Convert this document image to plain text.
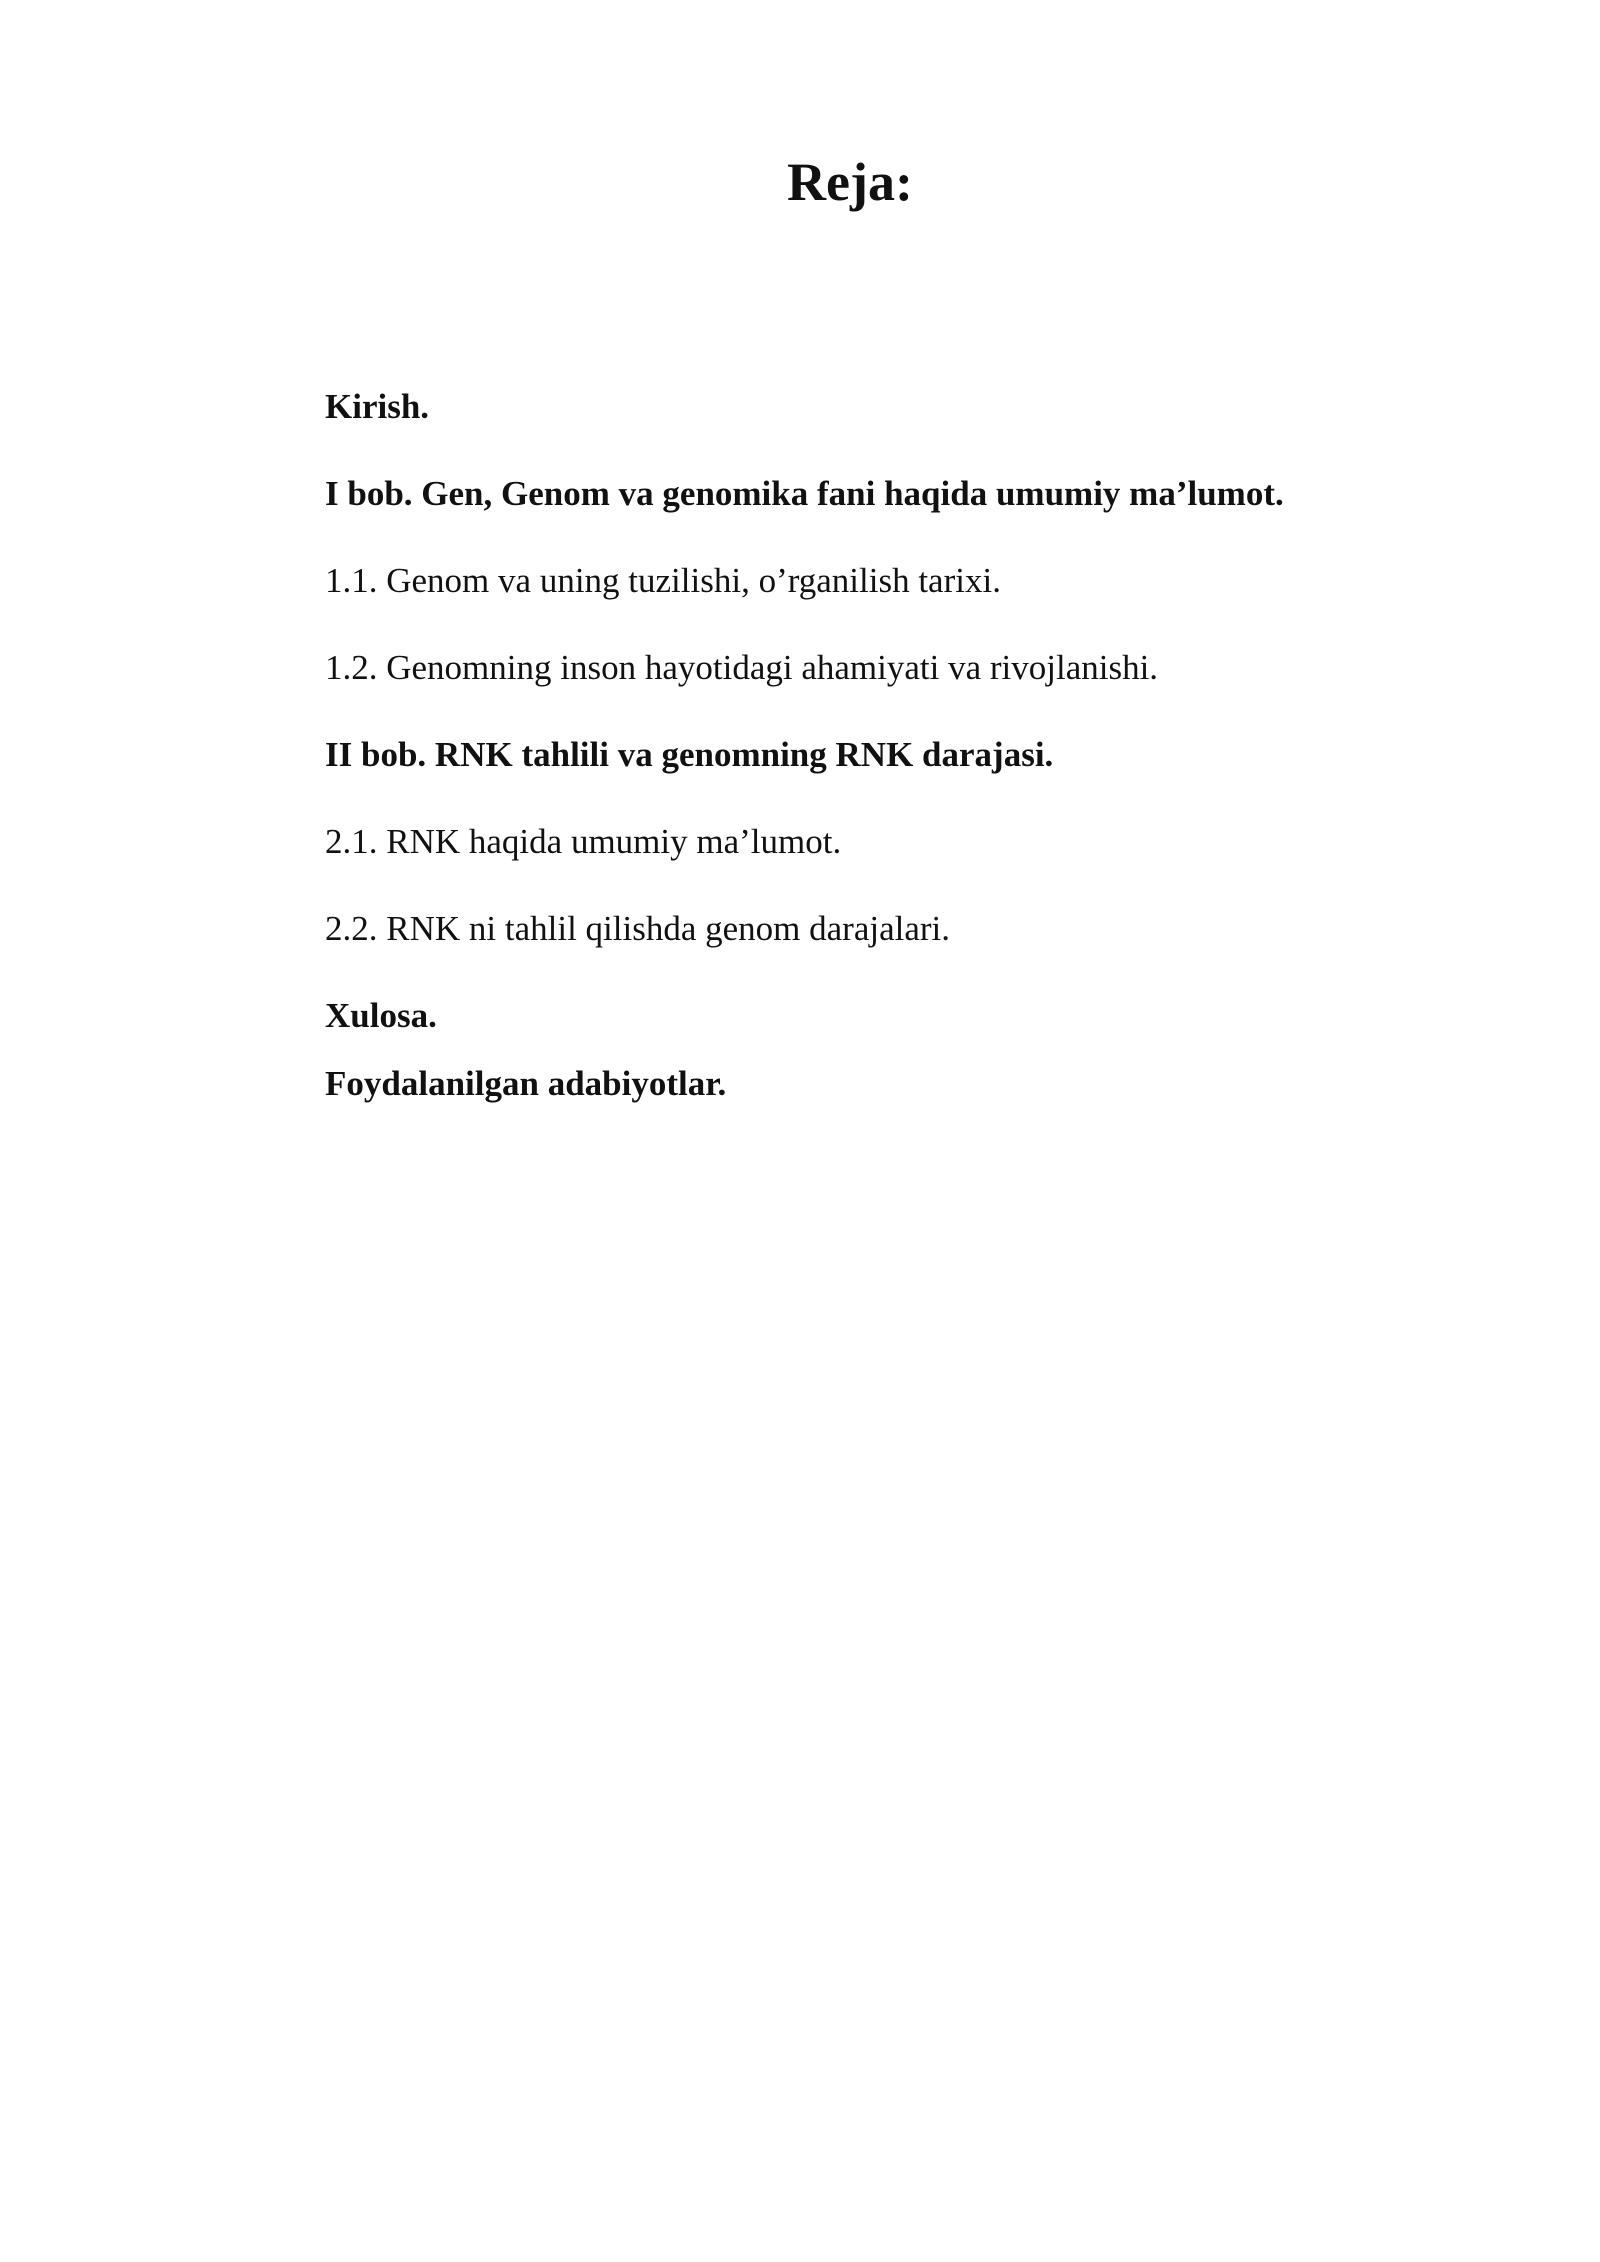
Reja:
Kirish.
I bob. Gen, Genom va genomika fani haqida umumiy ma’lumot.
1.1. Genom va uning tuzilishi, o’rganilish tarixi.
1.2. Genomning inson hayotidagi ahamiyati va rivojlanishi.
II bob. RNK tahlili va genomning RNK darajasi.
2.1. RNK haqida umumiy ma’lumot.
2.2. RNK ni tahlil qilishda genom darajalari.
Xulosa.
Foydalanilgan adabiyotlar.
